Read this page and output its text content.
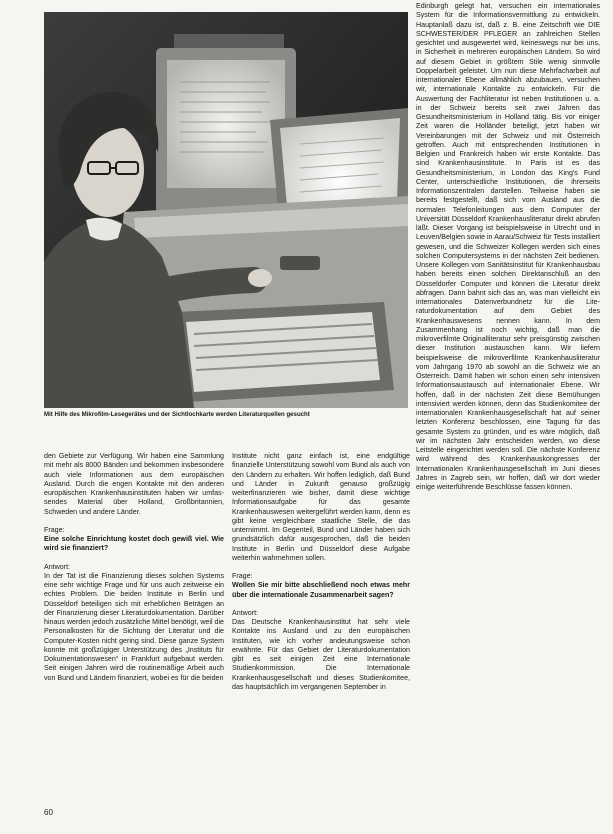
Mit Hilfe des Mikrofilm-Lesegerätes und der Sichtlochkarte werden Literaturquellen gesucht

Edinburgh gelegt hat, versuchen ein internationales System für die Informationsvermittlung zu entwickeln. Hauptanlaß dazu ist, daß z. B. eine Zeitschrift wie DIE SCHWESTER/DER PFLEGER an zahlreichen Stellen gesichtet und ausgewertet wird, keineswegs nur bei uns, in Sicherheit in mehreren europäischen Ländern. So wird auf diesem Gebiet in größtem Stile wenig sinnvolle Doppelarbeit geleistet. Um nun diese Mehrfacharbeit auf internationaler Ebene allmählich abzubauen, versuchen wir, internationale Kontakte zu entwickeln. Für die Auswertung der Fachliteratur ist neben Institutionen u. a. in der Schweiz bereits seit zwei Jahren das Gesundheitsministerium in Holland tätig. Bis vor einiger Zeit waren die Holländer beteiligt, jetzt haben wir Vereinbarungen mit der Schweiz und mit Österreich getroffen. Auch mit entsprechenden Institutionen in Belgien und Frankreich haben wir erste Kontakte. Das sind Krankenhausinstitute. In Paris ist es das Gesundheitsministerium, in London das King's Fund Center, unterschiedliche Institutionen, die ihrerseits Informationszentralen darstellen. Teilweise haben sie bereits festgestellt, daß sich vom Ausland aus die normalen Telefonleitungen aus dem Computer der Universität Düsseldorf Krankenhausliteratur direkt abrufen läßt. Dieser Vorgang ist beispielsweise in Utrecht und in Leuven/Belgien sowie in Aarau/Schweiz für Tests installiert gewesen, und die Schweizer Kollegen werden sich eines solchen Computersystems in der nächsten Zeit bedienen. Unsere Kollegen vom Sanitätsinstitut für Krankenhausbau haben bereits einen solchen Direktanschluß an den Düsseldorfer Computer und können die Literatur direkt abfragen. Dann bahnt sich das an, was man vielleicht ein internationales Datenverbundnetz für die Literaturdokumentation auf dem Gebiet des Krankenhauswesens nennen kann. In dem Zusammenhang ist noch wichtig, daß man die mikroverfilmte Originalliteratur sehr preisgünstig zwischen dieser Institution austauschen kann. Wir liefern beispielsweise die mikroverfilmte Krankenhausliteratur vom Jahrgang 1970 ab sowohl an die Schweiz wie an Österreich. Damit haben wir schon einen sehr intensiven Informationsaustausch auf internationaler Ebene. Wir hoffen, daß in der nächsten Zeit diese Bemühungen intensiviert werden können, denn das Studienkomitee der internationalen Krankenhausgesellschaft hat auf seiner letzten Konferenz beschlossen, eine Tagung für das gesamte System zu gründen, und es wäre möglich, daß wir im nächsten Jahr entscheiden werden, wo diese Leitstelle eingerichtet werden soll. Die nächste Konferenz wird während des Krankenhauskongresses der Internationalen Krankenhausgesellschaft im Juni dieses Jahres in Zagreb sein, wir hoffen, daß wir dort wieder einige weiterführende Beschlüsse fassen können.

den Gebiete zur Verfügung. Wir haben eine Sammlung mit mehr als 8000 Bänden und bekommen insbesondere auch viele Informationen aus dem europäischen Ausland. Durch die engen Kontakte mit den anderen europäischen Krankenhausinstituten haben wir umfassendes Material über Holland, Großbritannien, Schweden und andere Länder.

Frage:

Eine solche Einrichtung kostet doch gewiß viel. Wie wird sie finanziert?

Antwort:

In der Tat ist die Finanzierung dieses solchen Systems eine sehr wichtige Frage und für uns auch zeitweise ein echtes Problem. Die beiden Institute in Berlin und Düsseldorf beteiligen sich mit erheblichen Beträgen an der Finanzierung dieser Literaturdokumentation. Darüber hinaus werden jedoch zusätzliche Mittel benötigt, weil die Personalkosten für die Sichtung der Literatur und die Computer-Kosten nicht gering sind. Diese ganze System konnte mit großzügiger Unterstützung des „Instituts für Dokumentationswesen“ in Frankfurt aufgebaut werden. Seit einigen Jahren wird die routinemäßige Arbeit auch von Bund und Ländern finanziert, wobei es für die beiden

Institute nicht ganz einfach ist, eine endgültige finanzielle Unterstützung sowohl vom Bund als auch von den Ländern zu erhalten. Wir hoffen lediglich, daß Bund und Länder in Zukunft genauso großzügig weiterfinanzieren wie bisher, damit diese wichtige Informationsaufgabe für das gesamte Krankenhauswesen weitergeführt werden kann, denn es gibt keine vergleichbare staatliche Stelle, die das unternimmt. Im Gegenteil, Bund und Länder haben sich grundsätzlich dafür ausgesprochen, daß die beiden Institute in Berlin und Düsseldorf diese Aufgabe weiterhin wahrnehmen sollen.

Frage:

Wollen Sie mir bitte abschließend noch etwas mehr über die internationale Zusammenarbeit sagen?

Antwort:

Das Deutsche Krankenhausinstitut hat sehr viele Kontakte ins Ausland und zu den europäischen Instituten, wie ich vorher andeutungsweise schon erwähnte. Für das Gebiet der Literaturdokumentation gibt es seit einigen Zeit eine Internationale Studienkommission. Die Internationale Krankenhausgesellschaft und dieses Studienkomitee, das hauptsächlich im vergangenen September in

60
